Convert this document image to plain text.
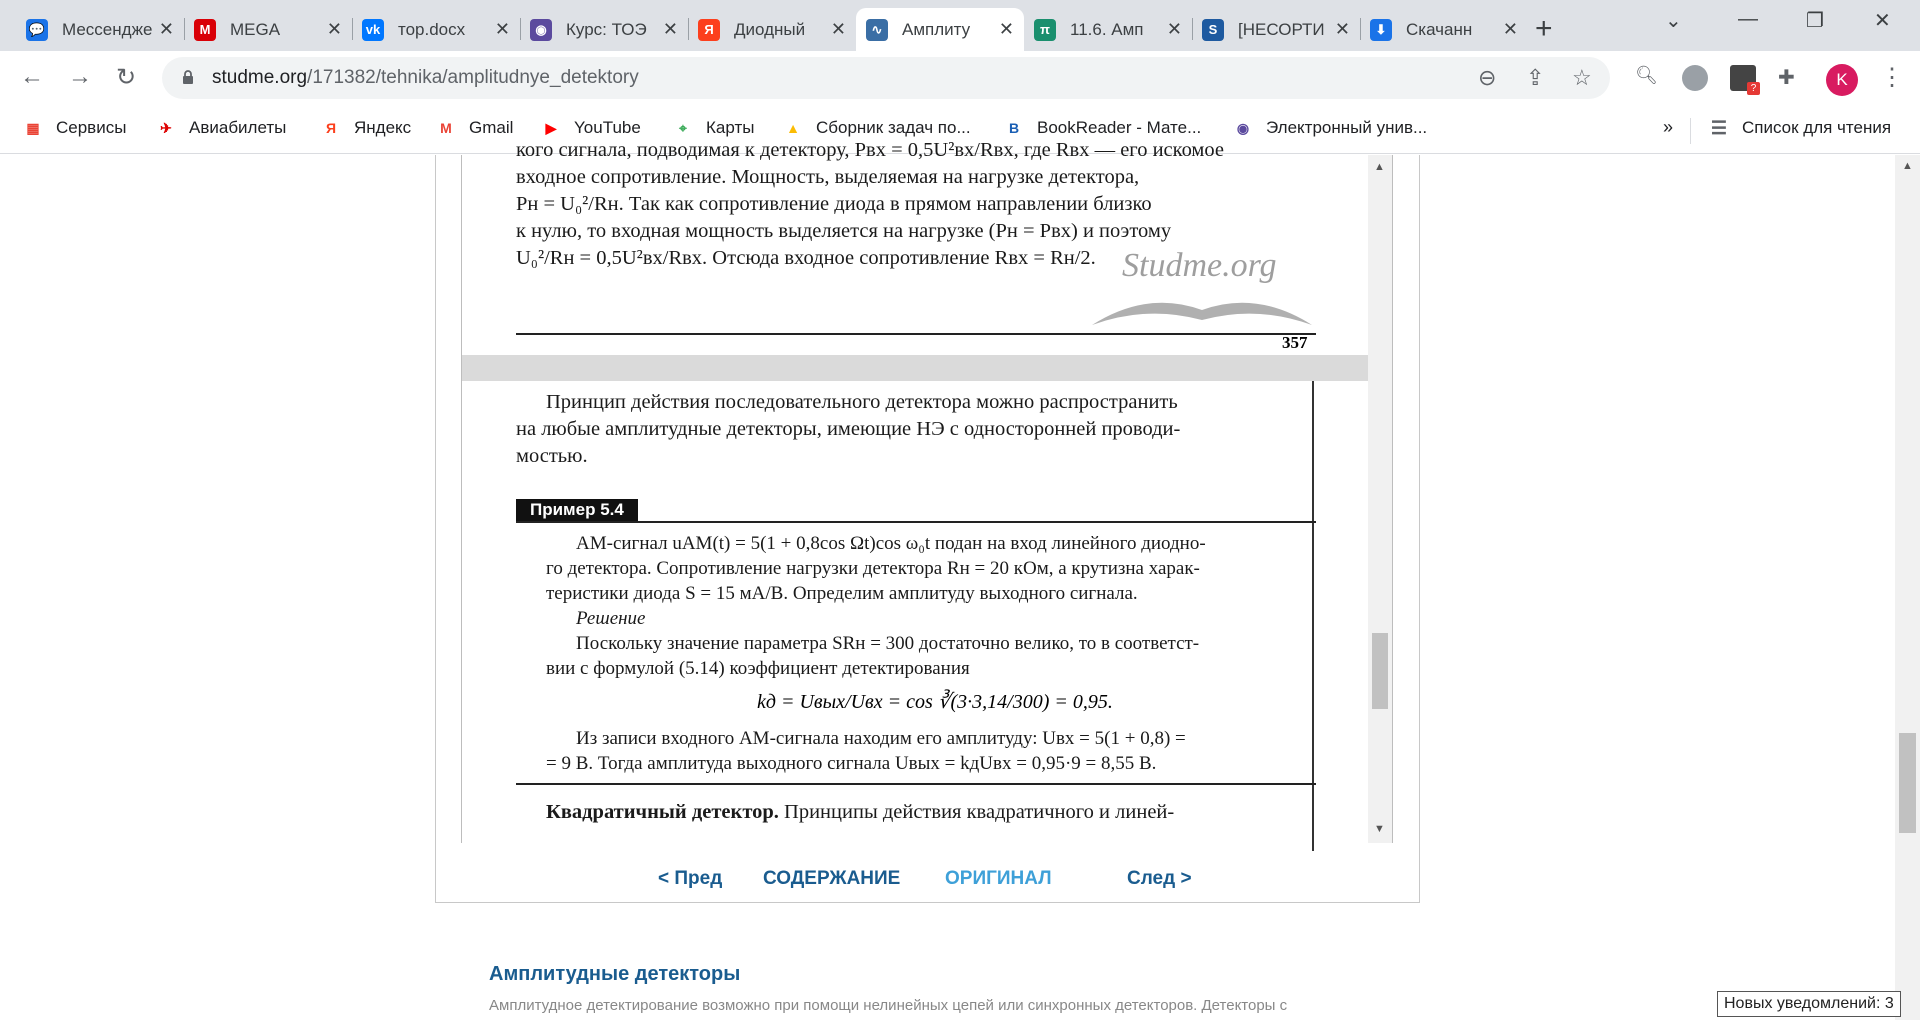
💬 Мессендже ✕	M	MEGA	✕ vk тор.docx	✕	◉	Курс: ТОЭ ✕	Я	Диодный	✕	∿	Амплиту	✕	π	11.6. Амп	✕	S	[НЕСОРТИ ✕	⬇	Скачанн	✕ +	⌄	— ❐	✕
← → ↻	studme.org/171382/tehnika/amplitudnye_detektory	⊖ ⇪ ☆ 🔍︎
? ✚	K	⋮
▦ Сервисы	✈	Авиабилеты	Я	Яндекс	M	Gmail	▶	YouTube	⌖	Карты ▲ Сборник задач по...	B	BookReader - Мате...	◉ Электронный унив...	» ☰ Список для чтения
кого сигнала, подводимая к детектору, Рвх = 0,5U²вх/Rвх, где Rвх — его искомое
входное сопротивление. Мощность, выделяемая на нагрузке детектора,
Pн = U₀²/Rн. Так как сопротивление диода в прямом направлении близко
к нулю, то входная мощность выделяется на нагрузке (Pн = Pвх) и поэтому
U₀²/Rн = 0,5U²вх/Rвх. Отсюда входное сопротивление Rвх = Rн/2. Studme.org
357
Принцип действия последовательного детектора можно распространить
на любые амплитудные детекторы, имеющие НЭ с односторонней проводи-
мостью.
Пример 5.4
АМ-сигнал uАМ(t) = 5(1 + 0,8cos Ωt)cos ω₀t подан на вход линейного диодно-
го детектора. Сопротивление нагрузки детектора Rн = 20 кОм, а крутизна харак-
теристики диода S = 15 мА/В. Определим амплитуду выходного сигнала.
Решение
Поскольку значение параметра SRн = 300 достаточно велико, то в соответст-
вии с формулой (5.14) коэффициент детектирования
kд = Uвых/Uвх = cos ∛(3·3,14/300) = 0,95.
Из записи входного АМ-сигнала находим его амплитуду: Uвх = 5(1 + 0,8) =
= 9 В. Тогда амплитуда выходного сигнала Uвых = kдUвх = 0,95·9 = 8,55 В.
Квадратичный детектор. Принципы действия квадратичного и линей-
▲
▼
< Пред СОДЕРЖАНИЕ ОРИГИНАЛ	След >
Амплитудные детекторы
Амплитудное детектирование возможно при помощи нелинейных цепей или синхронных детекторов. Детекторы с
▲
Новых уведомлений: 3
